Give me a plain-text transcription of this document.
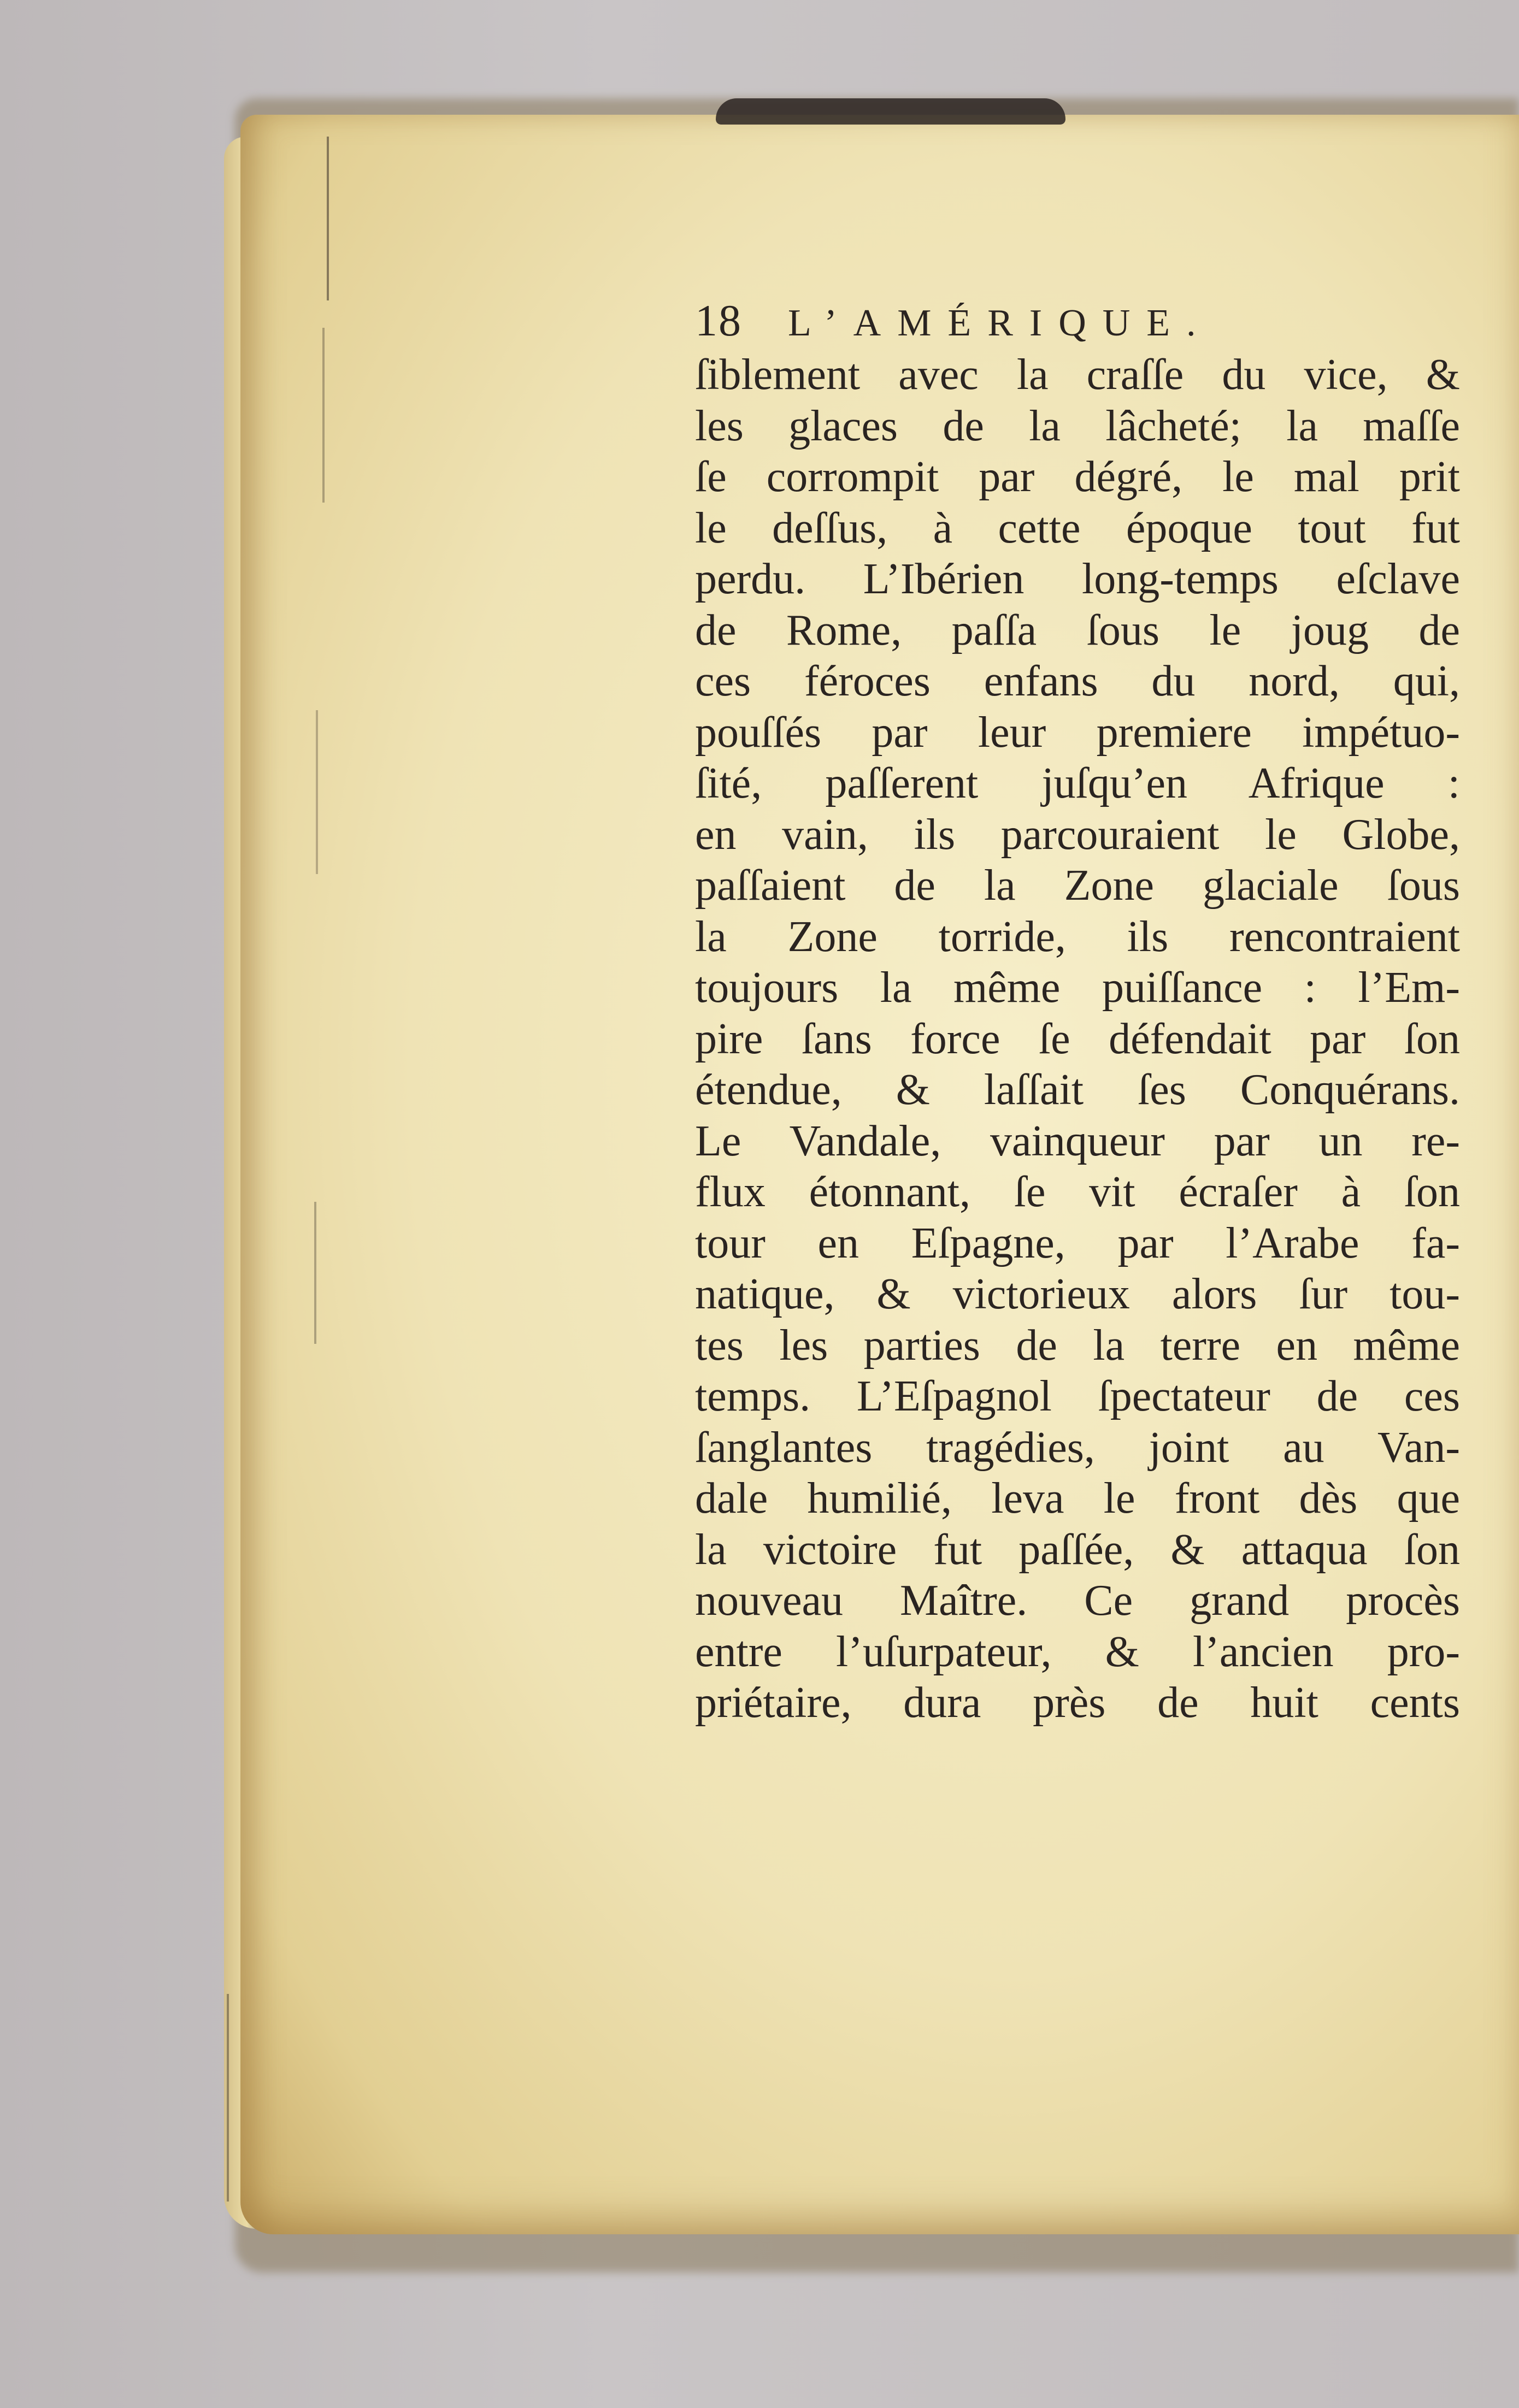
18	L’AMÉRIQUE.
ſiblement avec la craſſe du vice, &
les glaces de la lâcheté; la maſſe
ſe corrompit par dégré, le mal prit
le deſſus, à cette époque tout fut
perdu. L’Ibérien long-temps eſclave
de Rome, paſſa ſous le joug de
ces féroces enfans du nord, qui,
pouſſés par leur premiere impétuo-
ſité, paſſerent juſqu’en Afrique :
en vain, ils parcouraient le Globe,
paſſaient de la Zone glaciale ſous
la Zone torride, ils rencontraient
toujours la même puiſſance : l’Em-
pire ſans force ſe défendait par ſon
étendue, & laſſait ſes Conquérans.
Le Vandale, vainqueur par un re-
flux étonnant, ſe vit écraſer à ſon
tour en Eſpagne, par l’Arabe fa-
natique, & victorieux alors ſur tou-
tes les parties de la terre en même
temps. L’Eſpagnol ſpectateur de ces
ſanglantes tragédies, joint au Van-
dale humilié, leva le front dès que
la victoire fut paſſée, & attaqua ſon
nouveau Maître. Ce grand procès
entre l’uſurpateur, & l’ancien pro-
priétaire, dura près de huit cents
